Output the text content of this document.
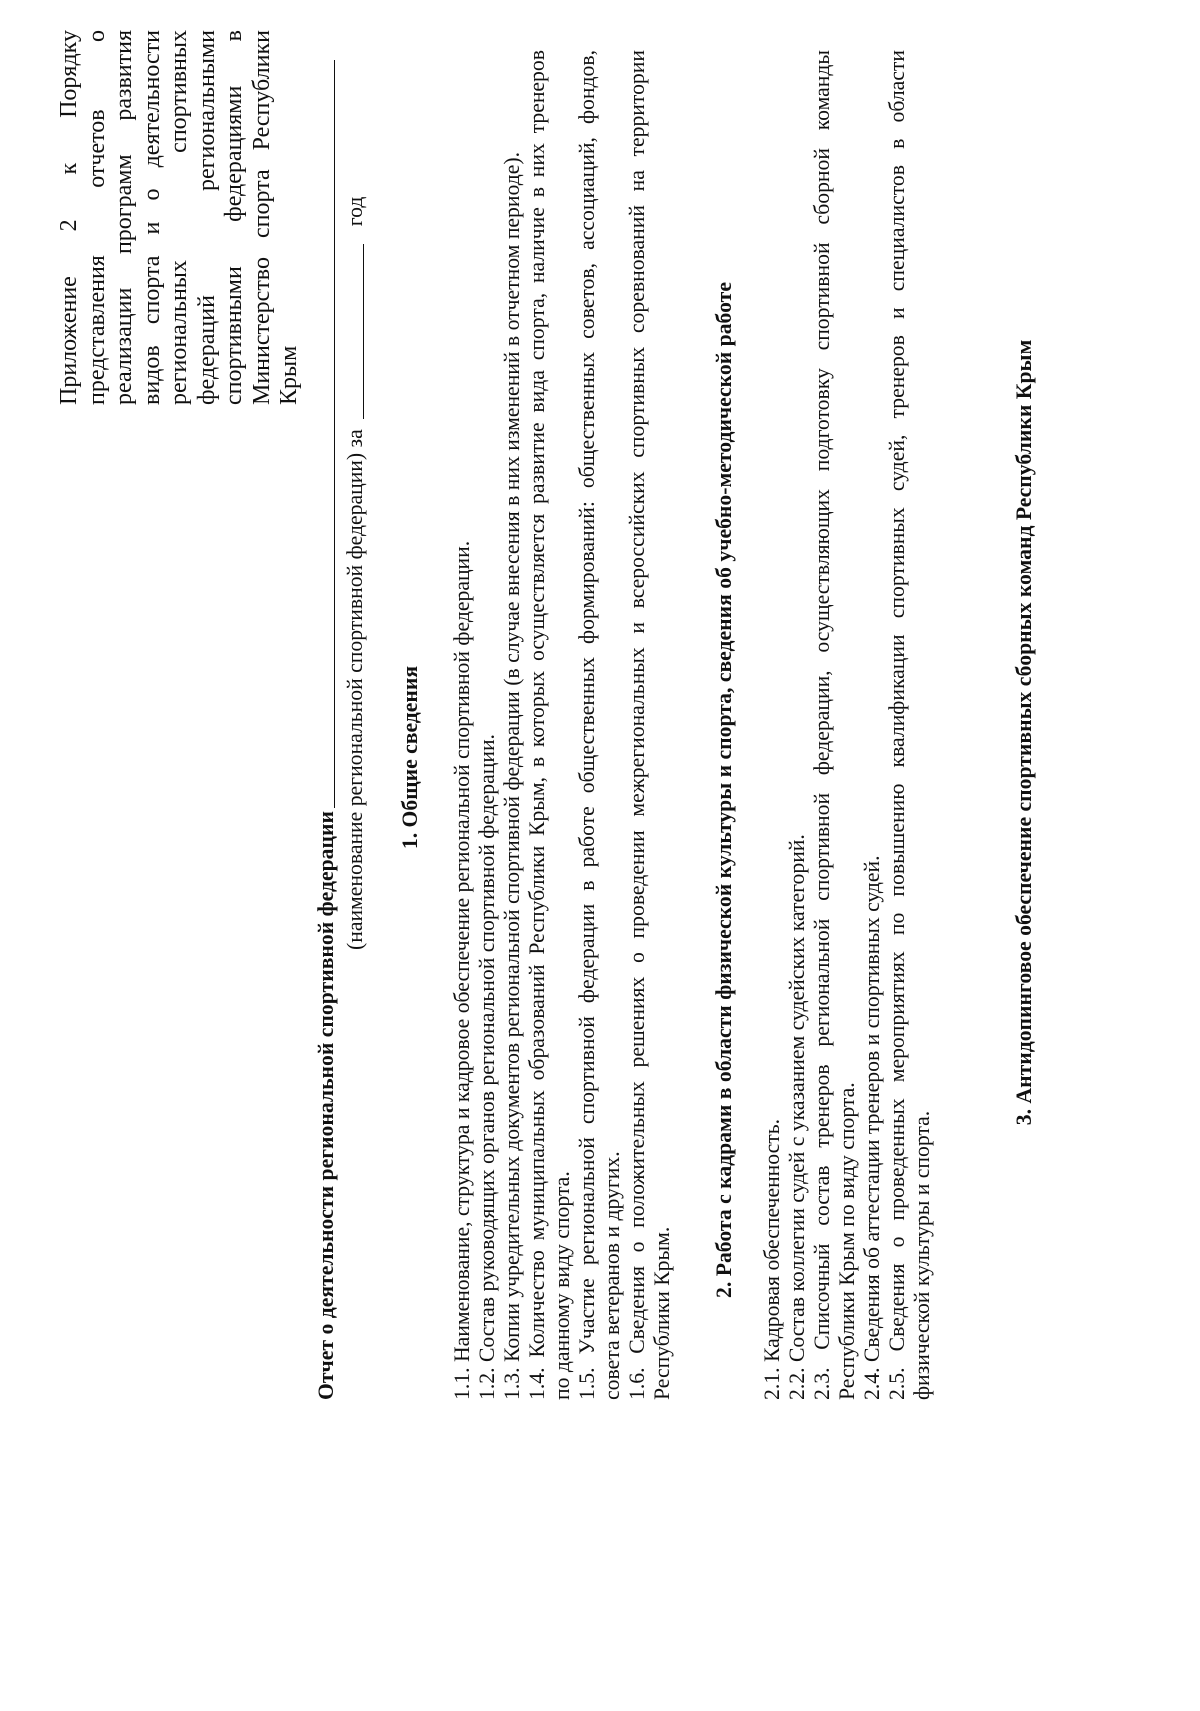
Приложение 2 к Порядку представления отчетов о реализации программ развития видов спорта и о деятельности региональных спортивных федераций региональными спортивными федерациями в Министерство спорта Республики Крым
Отчет о деятельности региональной спортивной федерации
(наименование региональной спортивной федерации) за
год
1. Общие сведения 1.1. Наименование, структура и кадровое обеспечение региональной спортивной федерации. 1.2. Состав руководящих органов региональной спортивной федерации. 1.3. Копии учредительных документов региональной спортивной федерации (в случае внесения в них изменений в отчетном периоде). 1.4. Количество муниципальных образований Республики Крым, в которых осуществляется развитие вида спорта, наличие в них тренеров по данному виду спорта. 1.5. Участие региональной спортивной федерации в работе общественных формирований: общественных советов, ассоциаций, фондов, совета ветеранов и других. 1.6. Сведения о положительных решениях о проведении межрегиональных и всероссийских спортивных соревнований на территории Республики Крым.
2. Работа с кадрами в области физической культуры и спорта, сведения об учебно-методической работе 2.1. Кадровая обеспеченность. 2.2. Состав коллегии судей с указанием судейских категорий. 2.3. Списочный состав тренеров региональной спортивной федерации, осуществляющих подготовку спортивной сборной команды Республики Крым по виду спорта. 2.4. Сведения об аттестации тренеров и спортивных судей. 2.5. Сведения о проведенных мероприятиях по повышению квалификации спортивных судей, тренеров и специалистов в области физической культуры и спорта.
3. Антидопинговое обеспечение спортивных сборных команд Республики Крым
